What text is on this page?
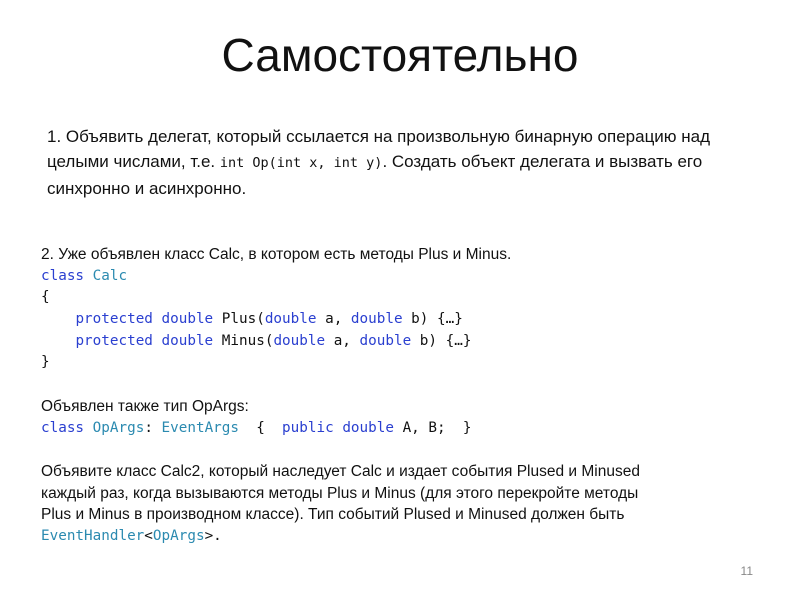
Самостоятельно
1. Объявить делегат, который ссылается на произвольную бинарную операцию над целыми числами, т.е. int Op(int x, int y). Создать объект делегата и вызвать его синхронно и асинхронно.
2. Уже объявлен класс Calc, в котором есть методы Plus и Minus.
class Calc
{
protected double Plus(double a, double b) {…}
protected double Minus(double a, double b) {…}
}
Объявлен также тип OpArgs:
class OpArgs: EventArgs  {  public double A, B;  }
Объявите класс Calc2, который наследует Calc и издает события Plused и Minused
каждый раз, когда вызываются методы Plus и Minus (для этого перекройте методы
Plus и Minus в производном классе). Тип событий Plused и Minused должен быть
EventHandler<OpArgs>.
11
